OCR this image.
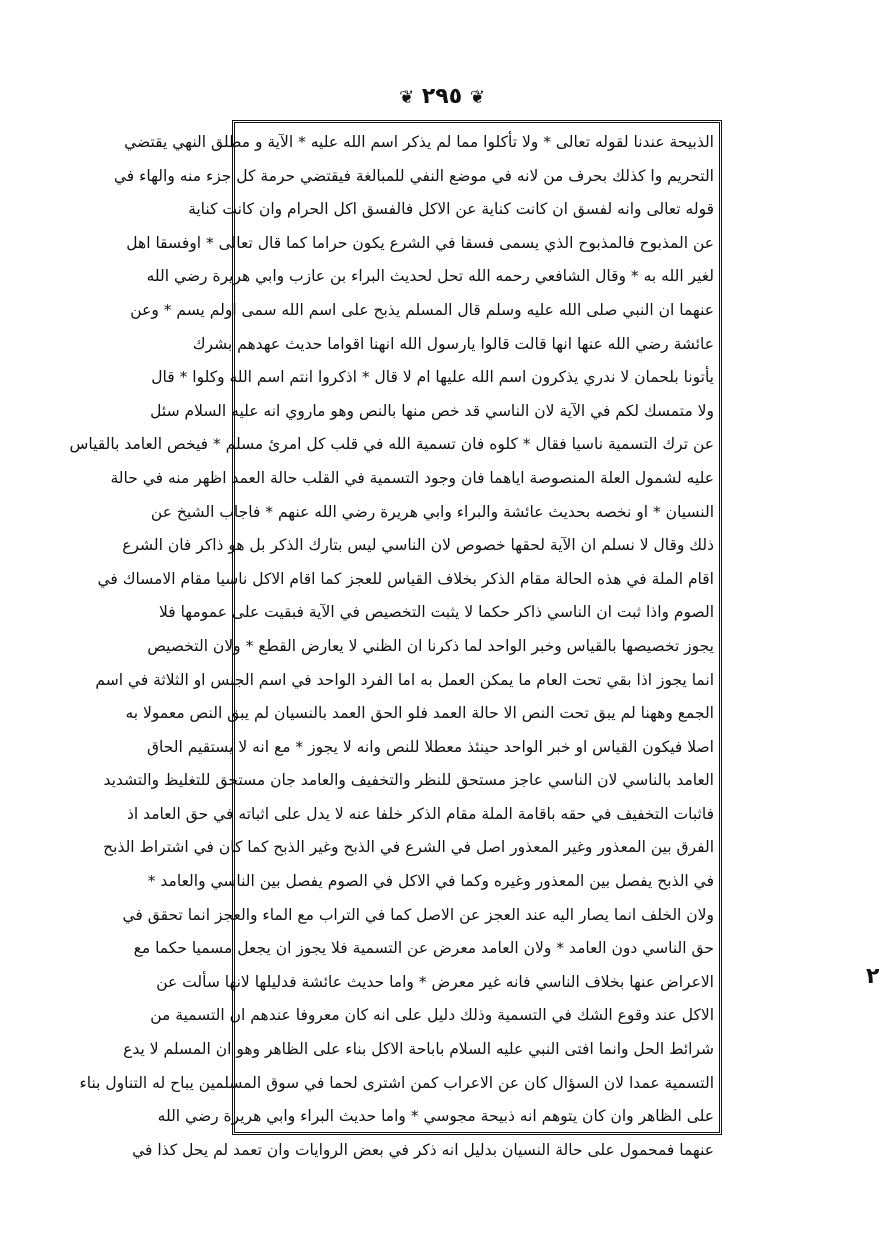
❦ ٢٩٥ ❦
الذبيحة عندنا لقوله تعالى * ولا تأكلوا مما لم يذكر اسم الله عليه * الآية و مطلق النهي يقتضي
التحريم وا كذلك بحرف من لانه في موضع النفي للمبالغة فيقتضي حرمة كل جزء منه والهاء في
قوله تعالى وانه لفسق ان كانت كناية عن الاكل فالفسق اكل الحرام وان كانت كناية
عن المذبوح فالمذبوح الذي يسمى فسقا في الشرع يكون حراما كما قال تعالى * اوفسقا اهل
لغير الله به * وقال الشافعي رحمه الله تحل لحديث البراء بن عازب وابي هريرة رضي الله
عنهما ان النبي صلى الله عليه وسلم قال المسلم يذبح على اسم الله سمى اولم يسم * وعن
عائشة رضي الله عنها انها قالت قالوا يارسول الله انهنا اقواما حديث عهدهم بشرك
يأتونا بلحمان لا ندري يذكرون اسم الله عليها ام لا قال * اذكروا انتم اسم الله وكلوا * قال
ولا متمسك لكم في الآية لان الناسي قد خص منها بالنص وهو ماروي انه عليه السلام سئل
عن ترك التسمية ناسيا فقال * كلوه فان تسمية الله في قلب كل امرئ مسلم * فيخص العامد بالقياس
عليه لشمول العلة المنصوصة اياهما فان وجود التسمية في القلب حالة العمد اظهر منه في حالة
النسيان * او نخصه بحديث عائشة والبراء وابي هريرة رضي الله عنهم * فاجاب الشيخ عن
ذلك وقال لا نسلم ان الآية لحقها خصوص لان الناسي ليس بتارك الذكر بل هو ذاكر فان الشرع
اقام الملة في هذه الحالة مقام الذكر بخلاف القياس للعجز كما اقام الاكل ناسيا مقام الامساك في
الصوم واذا ثبت ان الناسي ذاكر حكما لا يثبت التخصيص في الآية فبقيت على عمومها فلا
يجوز تخصيصها بالقياس وخبر الواحد لما ذكرنا ان الظني لا يعارض القطع * ولان التخصيص
انما يجوز اذا بقي تحت العام ما يمكن العمل به اما الفرد الواحد في اسم الجنس او الثلاثة في اسم
الجمع وههنا لم يبق تحت النص الا حالة العمد فلو الحق العمد بالنسيان لم يبق النص معمولا به
اصلا فيكون القياس او خبر الواحد حينئذ معطلا للنص وانه لا يجوز * مع انه لا يستقيم الحاق
العامد بالناسي لان الناسي عاجز مستحق للنظر والتخفيف والعامد جان مستحق للتغليظ والتشديد
فاثبات التخفيف في حقه باقامة الملة مقام الذكر خلفا عنه لا يدل على اثباته في حق العامد اذ
الفرق بين المعذور وغير المعذور اصل في الشرع في الذبح وغير الذبح كما كان في اشتراط الذبح
في الذبح يفصل بين المعذور وغيره وكما في الاكل في الصوم يفصل بين الناسي والعامد *
ولان الخلف انما يصار اليه عند العجز عن الاصل كما في التراب مع الماء والعجز انما تحقق في
حق الناسي دون العامد * ولان العامد معرض عن التسمية فلا يجوز ان يجعل مسميا حكما مع
الاعراض عنها بخلاف الناسي فانه غير معرض * واما حديث عائشة فدليلها لانها سألت عن
الاكل عند وقوع الشك في التسمية وذلك دليل على انه كان معروفا عندهم ان التسمية من
شرائط الحل وانما افتى النبي عليه السلام باباحة الاكل بناء على الظاهر وهو ان المسلم لا يدع
التسمية عمدا لان السؤال كان عن الاعراب كمن اشترى لحما في سوق المسلمين يباح له التناول بناء
على الظاهر وان كان يتوهم انه ذبيحة مجوسي * واما حديث البراء وابي هريرة رضي الله
عنهما فمحمول على حالة النسيان بدليل انه ذكر في بعض الروايات وان تعمد لم يحل كذا في
٢
